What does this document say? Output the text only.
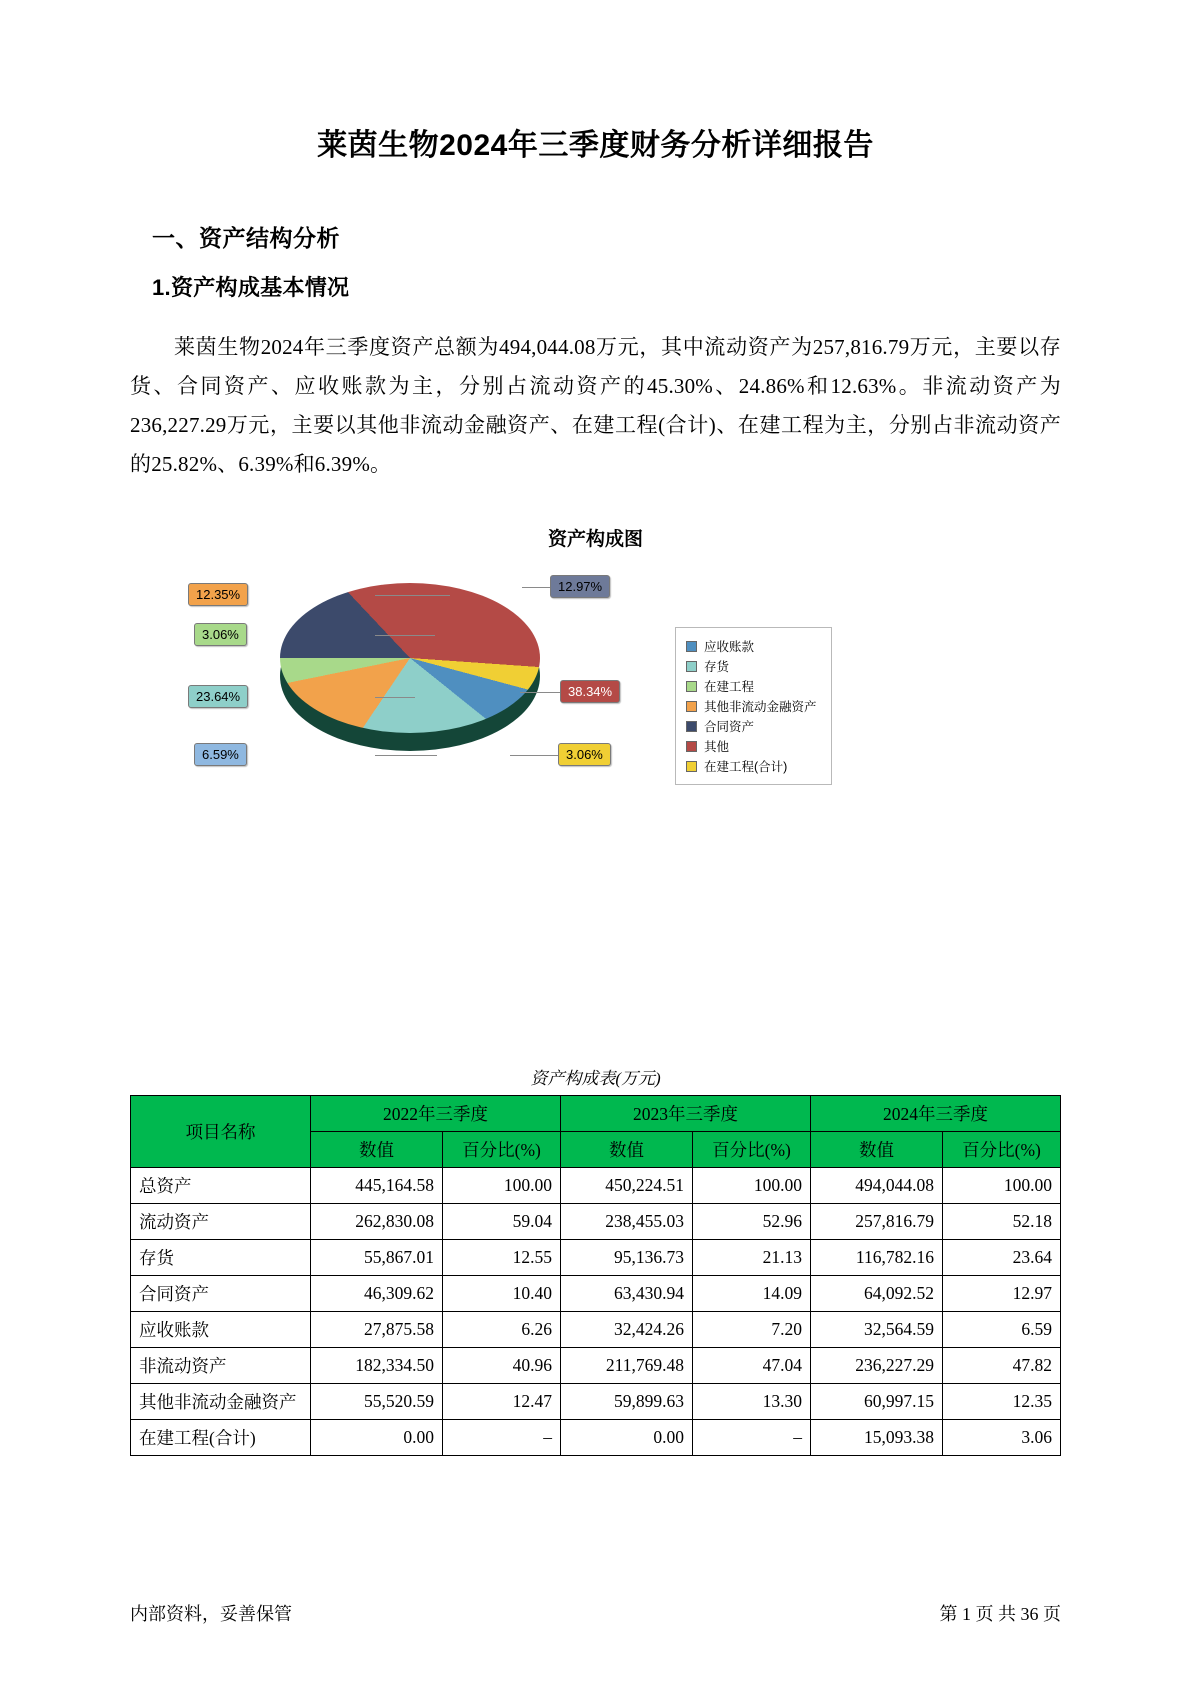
莱茵生物2024年三季度财务分析详细报告
一、资产结构分析
1.资产构成基本情况

莱茵生物2024年三季度资产总额为494,044.08万元，其中流动资产为257,816.79万元，主要以存货、合同资产、应收账款为主，分别占流动资产的45.30%、24.86%和12.63%。非流动资产为236,227.29万元，主要以其他非流动金融资产、在建工程(合计)、在建工程为主，分别占非流动资产的25.82%、6.39%和6.39%。

资产构成图
12.35%
3.06%
23.64%
6.59%
12.97%
38.34%
3.06%
应收账款
存货
在建工程
其他非流动金融资产
合同资产
其他
在建工程(合计)
资产构成表(万元)
项目名称	2022年三季度		2023年三季度		2024年三季度	
	数值	百分比(%)	数值	百分比(%)	数值	百分比(%)
总资产	445,164.58	100.00	450,224.51	100.00	494,044.08	100.00
流动资产	262,830.08	59.04	238,455.03	52.96	257,816.79	52.18
存货	55,867.01	12.55	95,136.73	21.13	116,782.16	23.64
合同资产	46,309.62	10.40	63,430.94	14.09	64,092.52	12.97
应收账款	27,875.58	6.26	32,424.26	7.20	32,564.59	6.59
非流动资产	182,334.50	40.96	211,769.48	47.04	236,227.29	47.82
其他非流动金融资产	55,520.59	12.47	59,899.63	13.30	60,997.15	12.35
在建工程(合计)	0.00	–	0.00	–	15,093.38	3.06
内部资料，妥善保管	第 1 页 共 36 页
